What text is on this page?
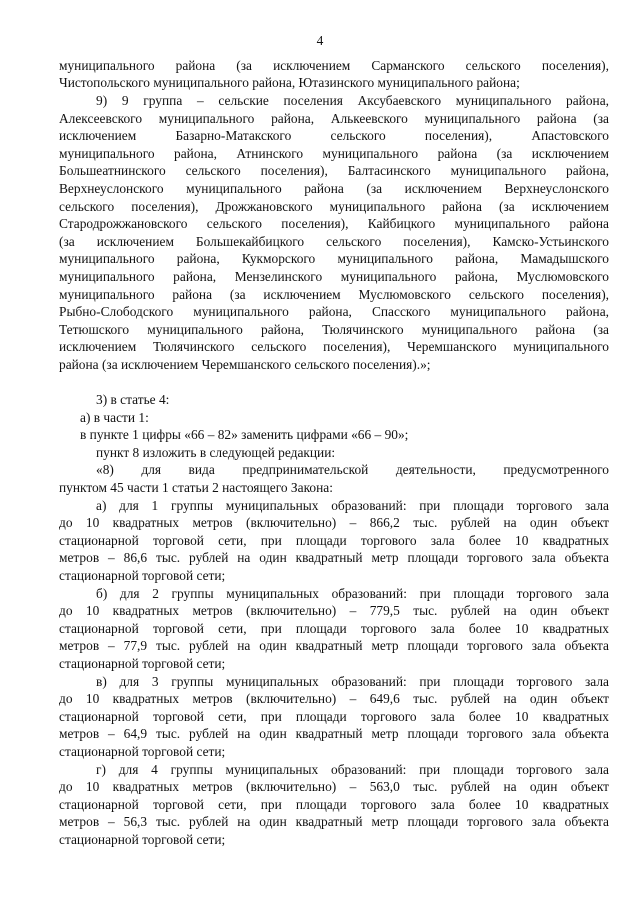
4
муниципального района (за исключением Сарманского сельского поселения),
Чистопольского муниципального района, Ютазинского муниципального района;
9) 9 группа – сельские поселения Аксубаевского муниципального района,
Алексеевского муниципального района, Алькеевского муниципального района (за
исключением Базарно-Матакского сельского поселения), Апастовского
муниципального района, Атнинского муниципального района (за исключением
Большеатнинского сельского поселения), Балтасинского муниципального района,
Верхнеуслонского муниципального района (за исключением Верхнеуслонского
сельского поселения), Дрожжановского муниципального района (за исключением
Стародрожжановского сельского поселения), Кайбицкого муниципального района
(за исключением Большекайбицкого сельского поселения), Камско-Устьинского
муниципального района, Кукморского муниципального района, Мамадышского
муниципального района, Мензелинского муниципального района, Муслюмовского
муниципального района (за исключением Муслюмовского сельского поселения),
Рыбно-Слободского муниципального района, Спасского муниципального района,
Тетюшского муниципального района, Тюлячинского муниципального района (за
исключением Тюлячинского сельского поселения), Черемшанского муниципального
района (за исключением Черемшанского сельского поселения).»;
3) в статье 4:
а) в части 1:
в пункте 1 цифры «66 – 82» заменить цифрами «66 – 90»;
пункт 8 изложить в следующей редакции:
«8) для вида предпринимательской деятельности, предусмотренного
пунктом 45 части 1 статьи 2 настоящего Закона:
а) для 1 группы муниципальных образований: при площади торгового зала
до 10 квадратных метров (включительно) – 866,2 тыс. рублей на один объект
стационарной торговой сети, при площади торгового зала более 10 квадратных
метров – 86,6 тыс. рублей на один квадратный метр площади торгового зала объекта
стационарной торговой сети;
б) для 2 группы муниципальных образований: при площади торгового зала
до 10 квадратных метров (включительно) – 779,5 тыс. рублей на один объект
стационарной торговой сети, при площади торгового зала более 10 квадратных
метров – 77,9 тыс. рублей на один квадратный метр площади торгового зала объекта
стационарной торговой сети;
в) для 3 группы муниципальных образований: при площади торгового зала
до 10 квадратных метров (включительно) – 649,6 тыс. рублей на один объект
стационарной торговой сети, при площади торгового зала более 10 квадратных
метров – 64,9 тыс. рублей на один квадратный метр площади торгового зала объекта
стационарной торговой сети;
г) для 4 группы муниципальных образований: при площади торгового зала
до 10 квадратных метров (включительно) – 563,0 тыс. рублей на один объект
стационарной торговой сети, при площади торгового зала более 10 квадратных
метров – 56,3 тыс. рублей на один квадратный метр площади торгового зала объекта
стационарной торговой сети;
